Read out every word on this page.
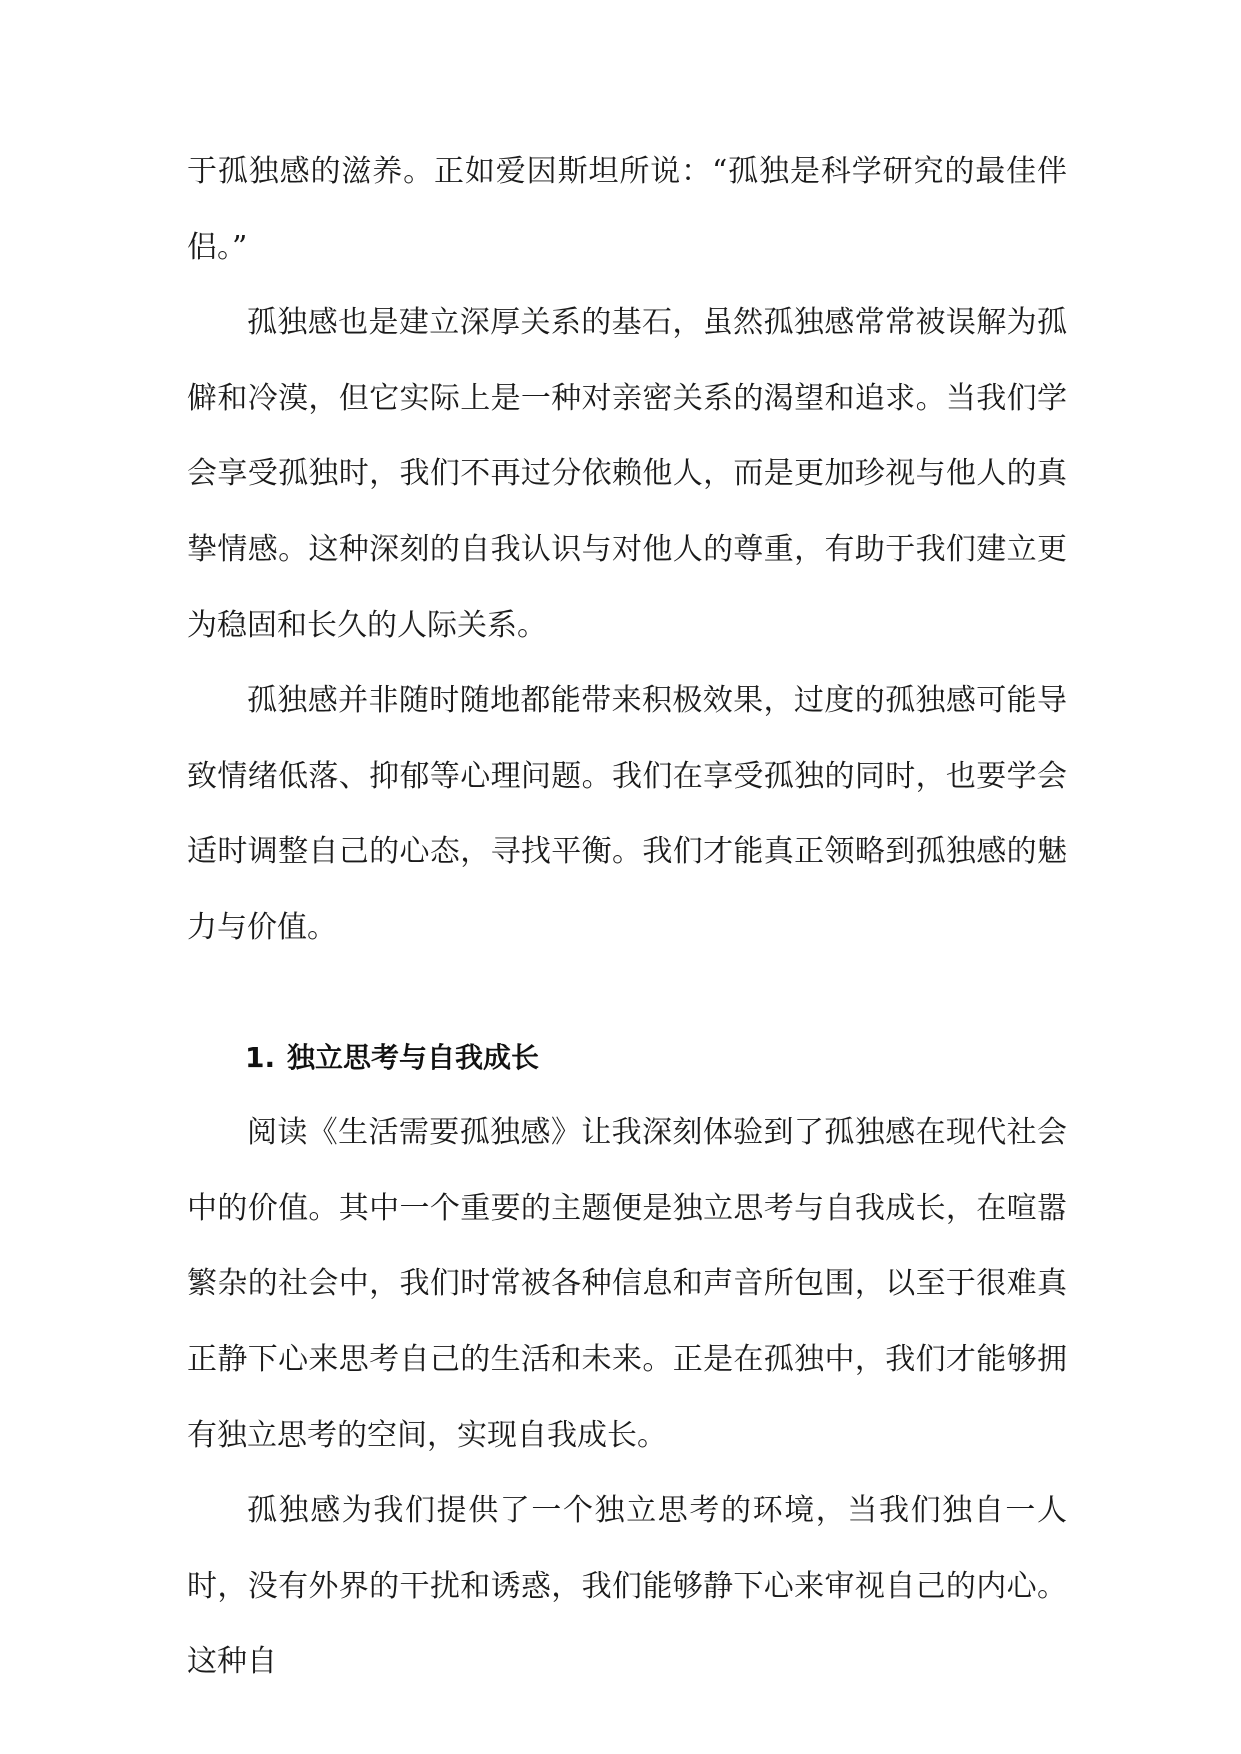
于孤独感的滋养。正如爱因斯坦所说：“孤独是科学研究的最佳伴侣。”

孤独感也是建立深厚关系的基石，虽然孤独感常常被误解为孤僻和冷漠，但它实际上是一种对亲密关系的渴望和追求。当我们学会享受孤独时，我们不再过分依赖他人，而是更加珍视与他人的真挚情感。这种深刻的自我认识与对他人的尊重，有助于我们建立更为稳固和长久的人际关系。

孤独感并非随时随地都能带来积极效果，过度的孤独感可能导致情绪低落、抑郁等心理问题。我们在享受孤独的同时，也要学会适时调整自己的心态，寻找平衡。我们才能真正领略到孤独感的魅力与价值。

1. 独立思考与自我成长

阅读《生活需要孤独感》让我深刻体验到了孤独感在现代社会中的价值。其中一个重要的主题便是独立思考与自我成长，在喧嚣繁杂的社会中，我们时常被各种信息和声音所包围，以至于很难真正静下心来思考自己的生活和未来。正是在孤独中，我们才能够拥有独立思考的空间，实现自我成长。

孤独感为我们提供了一个独立思考的环境，当我们独自一人时，没有外界的干扰和诱惑，我们能够静下心来审视自己的内心。这种自
